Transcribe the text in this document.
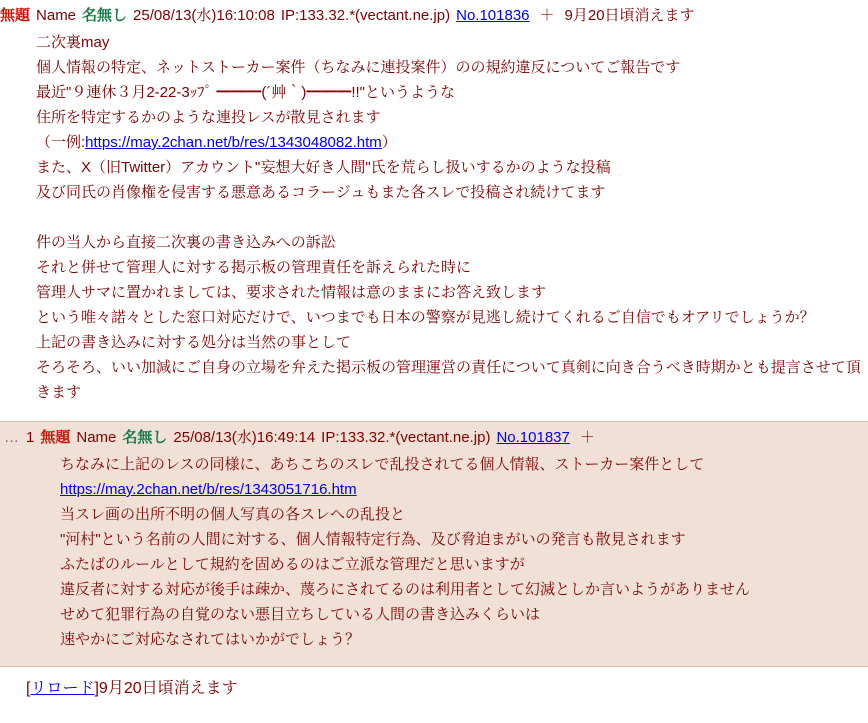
無題 Name 名無し 25/08/13(水)16:10:08 IP:133.32.*(vectant.ne.jp) No.101836 ＋ 9月20日頃消えます

二次裏may

個人情報の特定、ネットストーカー案件（ちなみに連投案件）のの規約違反についてご報告です

最近"９連休３月2-22-3ｯﾌﾟ ━━━(´艸｀)━━━!!"というような

住所を特定するかのような連投レスが散見されます

（一例:https://may.2chan.net/b/res/1343048082.htm）

また、X（旧Twitter）アカウント"妄想大好き人間"氏を荒らし扱いするかのような投稿

及び同氏の肖像権を侵害する悪意あるコラージュもまた各スレで投稿され続けてます

件の当人から直接二次裏の書き込みへの訴訟

それと併せて管理人に対する掲示板の管理責任を訴えられた時に

管理人サマに置かれましては、要求された情報は意のままにお答え致します

という唯々諾々とした窓口対応だけで、いつまでも日本の警察が見逃し続けてくれるご自信でもオアリでしょうか？

上記の書き込みに対する処分は当然の事として

そろそろ、いい加減にご自身の立場を弁えた掲示板の管理運営の責任について真剣に向き合うべき時期かとも提言させて頂きます

… 1 無題 Name 名無し 25/08/13(水)16:49:14 IP:133.32.*(vectant.ne.jp) No.101837 ＋

ちなみに上記のレスの同様に、あちこちのスレで乱投されてる個人情報、ストーカー案件として

https://may.2chan.net/b/res/1343051716.htm

当スレ画の出所不明の個人写真の各スレへの乱投と

"河村"という名前の人間に対する、個人情報特定行為、及び脅迫まがいの発言も散見されます

ふたばのルールとして規約を固めるのはご立派な管理だと思いますが

違反者に対する対応が後手は疎か、蔑ろにされてるのは利用者として幻滅としか言いようがありません

せめて犯罪行為の自覚のない悪目立ちしている人間の書き込みくらいは

速やかにご対応なされてはいかがでしょう？

[リロード]9月20日頃消えます
